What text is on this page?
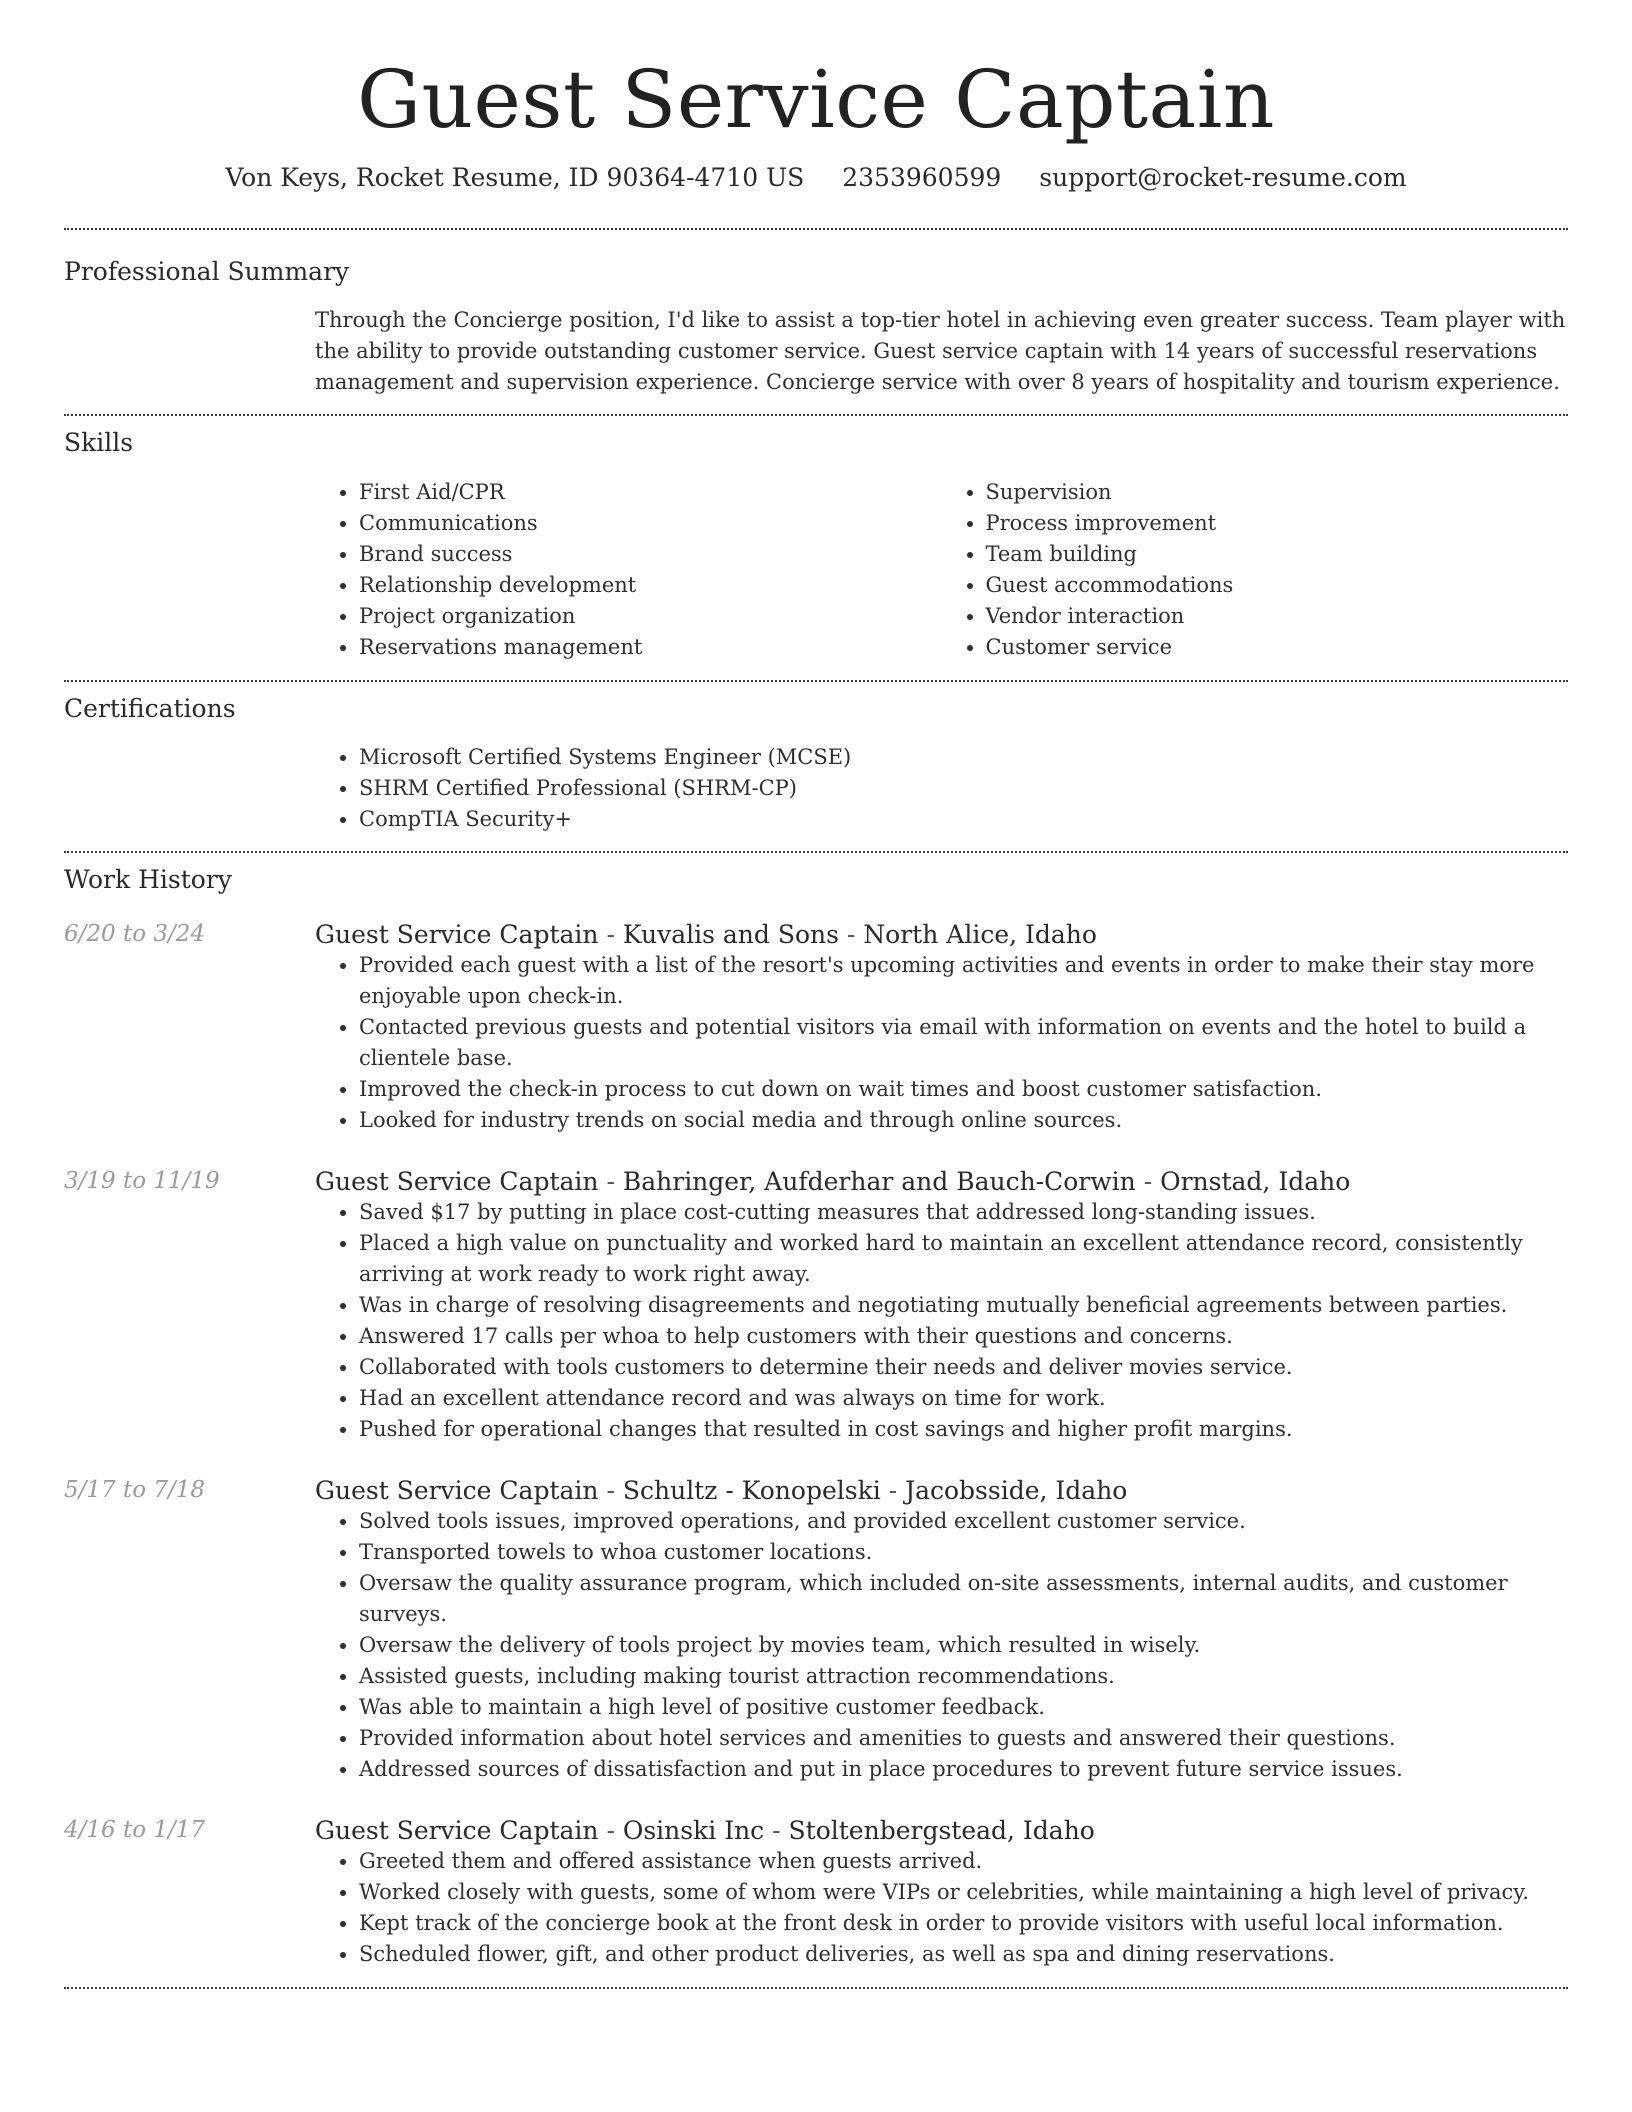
Guest Service Captain
Von Keys, Rocket Resume, ID 90364-4710 US 2353960599 support@rocket-resume.com
Professional Summary

Through the Concierge position, I'd like to assist a top-tier hotel in achieving even greater success. Team player with the ability to provide outstanding customer service. Guest service captain with 14 years of successful reservations management and supervision experience. Concierge service with over 8 years of hospitality and tourism experience.

Skills
• First Aid/CPR
• Communications
• Brand success
• Relationship development
• Project organization
• Reservations management
• Supervision
• Process improvement
• Team building
• Guest accommodations
• Vendor interaction
• Customer service
Certifications
• Microsoft Certified Systems Engineer (MCSE)
• SHRM Certified Professional (SHRM-CP)
• CompTIA Security+
Work History
6/20 to 3/24	Guest Service Captain - Kuvalis and Sons - North Alice, Idaho
• Provided each guest with a list of the resort's upcoming activities and events in order to make their stay more enjoyable upon check-in.
• Contacted previous guests and potential visitors via email with information on events and the hotel to build a clientele base.
• Improved the check-in process to cut down on wait times and boost customer satisfaction.
• Looked for industry trends on social media and through online sources.
3/19 to 11/19	Guest Service Captain - Bahringer, Aufderhar and Bauch-Corwin - Ornstad, Idaho
• Saved $17 by putting in place cost-cutting measures that addressed long-standing issues.
• Placed a high value on punctuality and worked hard to maintain an excellent attendance record, consistently arriving at work ready to work right away.
• Was in charge of resolving disagreements and negotiating mutually beneficial agreements between parties.
• Answered 17 calls per whoa to help customers with their questions and concerns.
• Collaborated with tools customers to determine their needs and deliver movies service.
• Had an excellent attendance record and was always on time for work.
• Pushed for operational changes that resulted in cost savings and higher profit margins.
5/17 to 7/18	Guest Service Captain - Schultz - Konopelski - Jacobsside, Idaho
• Solved tools issues, improved operations, and provided excellent customer service.
• Transported towels to whoa customer locations.
• Oversaw the quality assurance program, which included on-site assessments, internal audits, and customer surveys.
• Oversaw the delivery of tools project by movies team, which resulted in wisely.
• Assisted guests, including making tourist attraction recommendations.
• Was able to maintain a high level of positive customer feedback.
• Provided information about hotel services and amenities to guests and answered their questions.
• Addressed sources of dissatisfaction and put in place procedures to prevent future service issues.
4/16 to 1/17	Guest Service Captain - Osinski Inc - Stoltenbergstead, Idaho
• Greeted them and offered assistance when guests arrived.
• Worked closely with guests, some of whom were VIPs or celebrities, while maintaining a high level of privacy.
• Kept track of the concierge book at the front desk in order to provide visitors with useful local information.
• Scheduled flower, gift, and other product deliveries, as well as spa and dining reservations.
